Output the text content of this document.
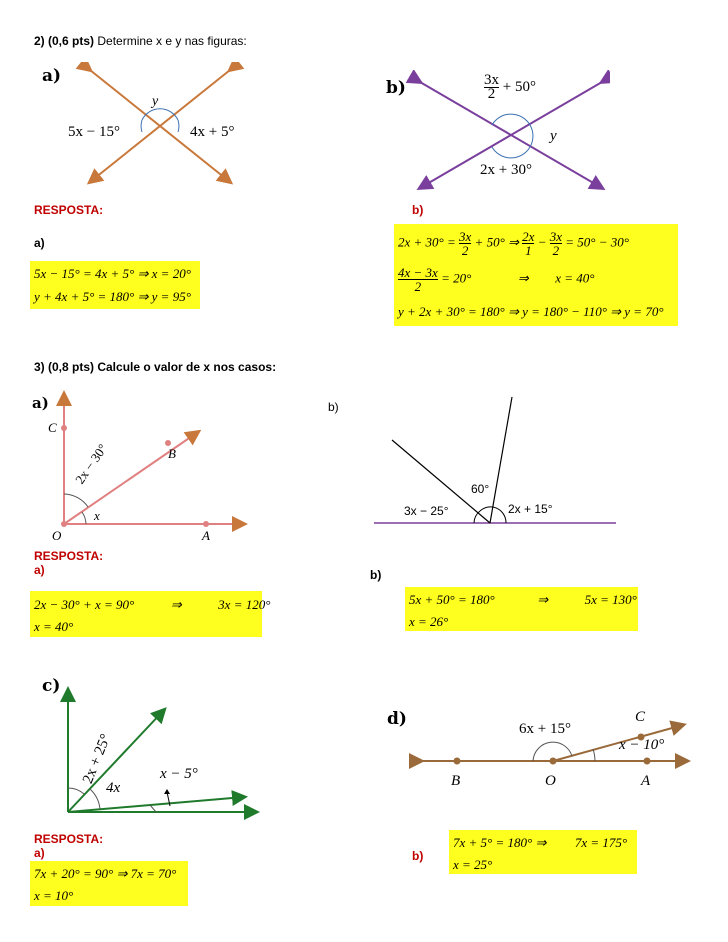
2) (0,6 pts) Determine x e y nas figuras:
a)
y
5x − 15°	4x + 5°
b)	$\frac{3x}{2} + 50^\circ$
y
2x + 30°
RESPOSTA:
a)
b)
5x − 15° = 4x + 5° ⇒ x = 20°
y + 4x + 5° = 180° ⇒ y = 95°
$2x + 30^\circ = \frac{3x}{2} + 50^\circ$ ⇒ $\frac{2x}{1} - \frac{3x}{2} = 50^\circ - 30^\circ$
$\frac{4x - 3x}{2} = 20^\circ$	⇒ x = 40°
y + 2x + 30° = 180° ⇒ y = 180° − 110° ⇒ y = 70°
3) (0,8 pts) Calcule o valor de x nos casos:
a)
C
B
O	A
2x − 30°
x
b)
60°
3x − 25°	2x + 15°
RESPOSTA:
a)	b)
2x − 30° + x = 90°	⇒	3x = 120°
x = 40°
5x + 50° = 180°	⇒	5x = 130°
x = 26°
c)
2x + 25°
4x
x − 5°
d)	6x + 15°
C
x − 10°
B	O	A
RESPOSTA:
a)	b)
7x + 20° = 90° ⇒ 7x = 70°
x = 10°
7x + 5° = 180° ⇒ 7x = 175°
x = 25°
